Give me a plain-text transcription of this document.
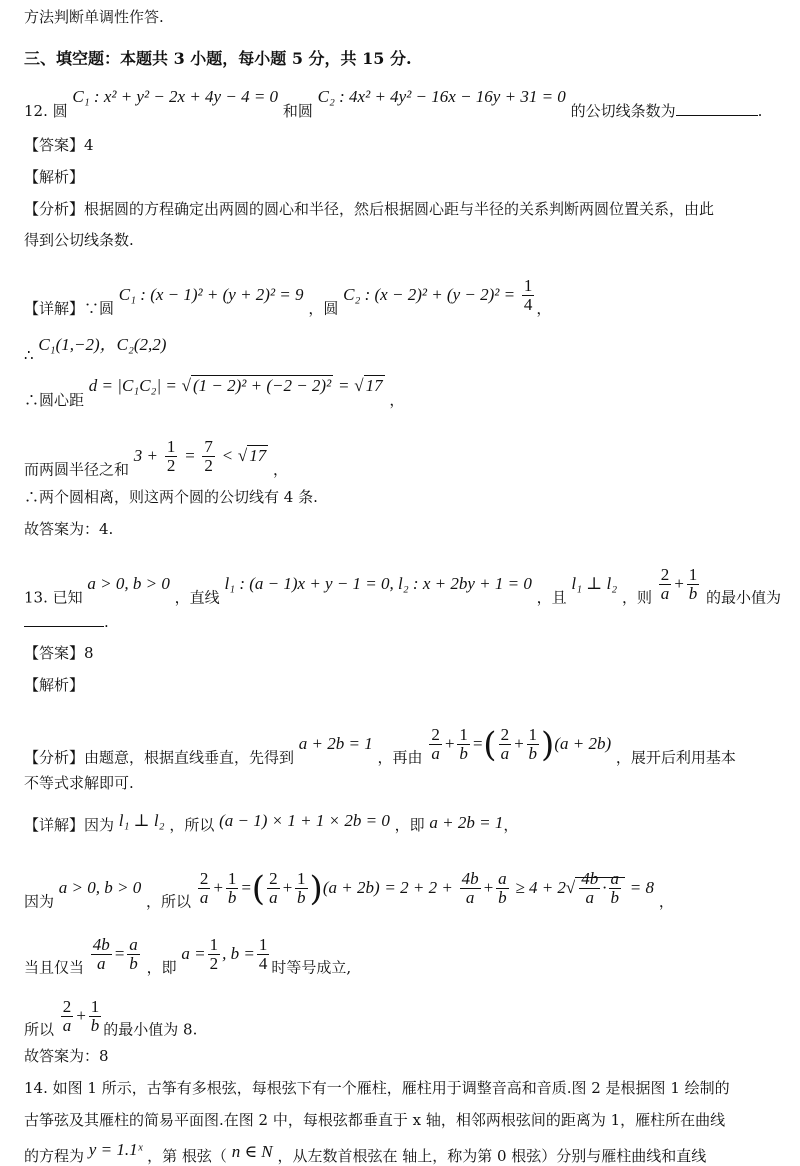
方法判断单调性作答.
三、填空题：本题共 3 小题，每小题 5 分，共 15 分.
12. 圆 C₁ : x² + y² − 2x + 4y − 4 = 0 和圆 C₂ : 4x² + 4y² − 16x − 16y + 31 = 0 的公切线条数为	.
【答案】4
【解析】
【分析】根据圆的方程确定出两圆的圆心和半径，然后根据圆心距与半径的关系判断两圆位置关系，由此
得到公切线条数.
【详解】∵圆 C₁ : (x − 1)² + (y + 2)² = 9 ，圆 C₂ : $(x - 2)^2 + (y - 2)^2 = \frac{1}{4}$ ，
∴ C₁(1,−2)，C₂(2,2)
∴圆心距 d = |C₁C₂| = √ (1 − 2)² + (−2 − 2)² = √ 17 ，
而两圆半径之和 $3 + \frac{1}{2} = \frac{7}{2}$ < √ 17 ，
∴两个圆相离，则这两个圆的公切线有 4 条.
故答案为：4.
13. 已知 a > 0, b > 0 ，直线 l₁ : (a − 1)x + y − 1 = 0, l₂ : x + 2by + 1 = 0 ，且 l₁ ⊥ l₂ ，则 $\frac{2}{a} + \frac{1}{b}$ 的最小值为
.
【答案】8
【解析】
【分析】由题意，根据直线垂直，先得到 a + 2b = 1 ，再由 $\frac{2}{a} + \frac{1}{b}$ =( $\frac{2}{a} + \frac{1}{b} )(a + 2b)$ ，展开后利用基本
不等式求解即可.
【详解】因为 l₁ ⊥ l₂ ，所以 (a − 1) × 1 + 1 × 2b = 0 ，即 a + 2b = 1，
因为 a > 0, b > 0 ，所以 $\frac{2}{a} + \frac{1}{b}$ =( $\frac{2}{a} + \frac{1}{b} )(a + 2b) = 2 + 2 + \frac{4b}{a} + \frac{a}{b} \ge 4 + 2√ \frac{4b}{a} \cdot \frac{a}{b} = 8$ ，
当且仅当 $\frac{4b}{a} = \frac{a}{b}$ ，即 $a = \frac{1}{2}$ , $b = \frac{1}{4}$ 时等号成立,
所以 $\frac{2}{a} + \frac{1}{b}$ 的最小值为 8.
故答案为：8
14. 如图 1 所示，古筝有多根弦，每根弦下有一个雁柱，雁柱用于调整音高和音质.图 2 是根据图 1 绘制的
古筝弦及其雁柱的简易平面图.在图 2 中，每根弦都垂直于 x 轴，相邻两根弦间的距离为 1，雁柱所在曲线
的方程为 y = 1.1ˣ ，第 根弦（ n ∈ N ，从左数首根弦在 轴上，称为第 0 根弦）分别与雁柱曲线和直线
